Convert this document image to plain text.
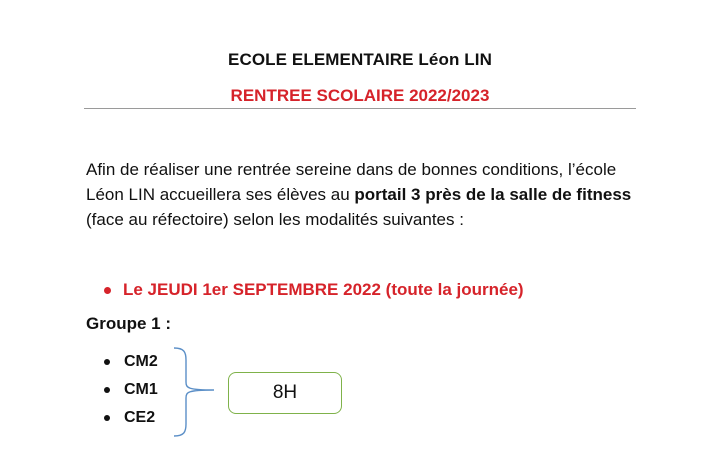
ECOLE ELEMENTAIRE Léon LIN
RENTREE SCOLAIRE 2022/2023
Afin de réaliser une rentrée sereine dans de bonnes conditions, l’école
Léon LIN accueillera ses élèves au portail 3 près de la salle de fitness
(face au réfectoire) selon les modalités suivantes :
Le JEUDI 1er SEPTEMBRE 2022 (toute la journée)
Groupe 1 :
CM2
CM1
CE2
8H
